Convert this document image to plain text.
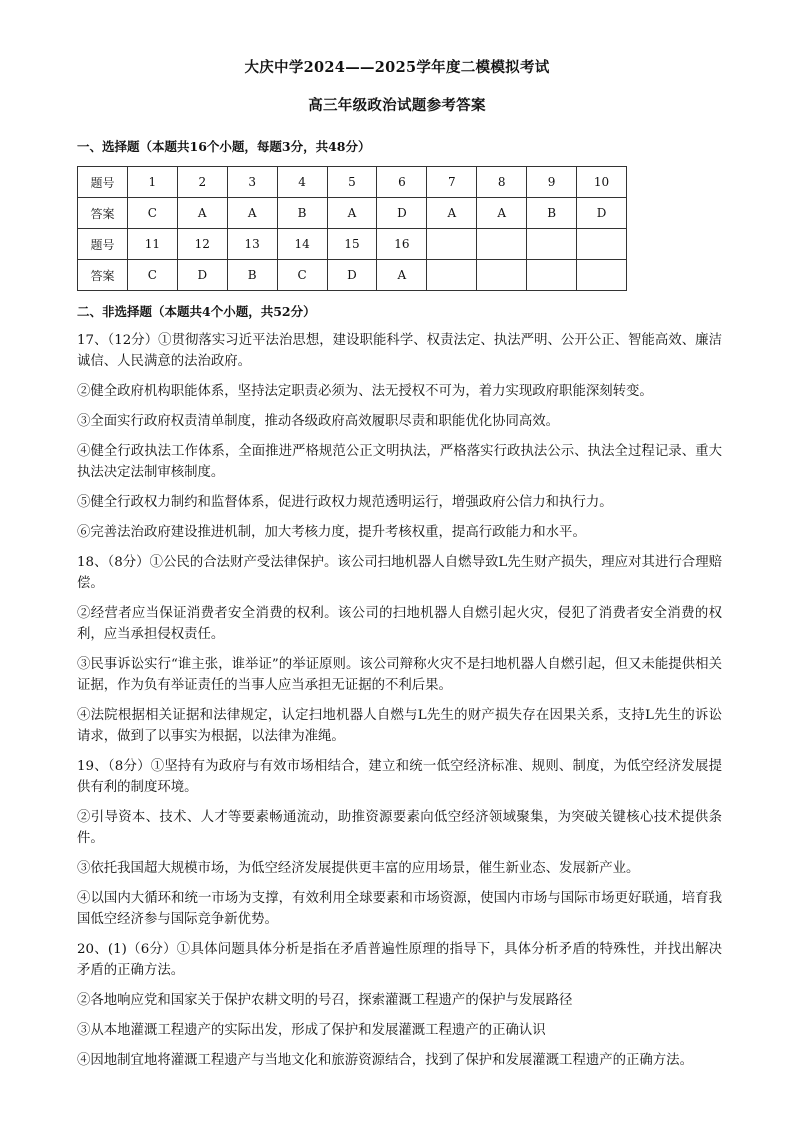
大庆中学2024——2025学年度二模模拟考试
高三年级政治试题参考答案
一、选择题（本题共16个小题，每题3分，共48分）
题号	1	2	3	4	5	6	7	8	9	10
答案	C	A	A	B	A	D	A	A	B	D
题号	11	12	13	14	15	16				
答案	C	D	B	C	D	A				
二、非选择题（本题共4个小题，共52分）

17、（12分）①贯彻落实习近平法治思想，建设职能科学、权责法定、执法严明、公开公正、智能高效、廉洁诚信、人民满意的法治政府。

②健全政府机构职能体系，坚持法定职责必须为、法无授权不可为，着力实现政府职能深刻转变。

③全面实行政府权责清单制度，推动各级政府高效履职尽责和职能优化协同高效。

④健全行政执法工作体系，全面推进严格规范公正文明执法，严格落实行政执法公示、执法全过程记录、重大执法决定法制审核制度。

⑤健全行政权力制约和监督体系，促进行政权力规范透明运行，增强政府公信力和执行力。

⑥完善法治政府建设推进机制，加大考核力度，提升考核权重，提高行政能力和水平。

18、（8分）①公民的合法财产受法律保护。该公司扫地机器人自燃导致L先生财产损失，理应对其进行合理赔偿。

②经营者应当保证消费者安全消费的权利。该公司的扫地机器人自燃引起火灾，侵犯了消费者安全消费的权利，应当承担侵权责任。

③民事诉讼实行“谁主张，谁举证”的举证原则。该公司辩称火灾不是扫地机器人自燃引起，但又未能提供相关证据，作为负有举证责任的当事人应当承担无证据的不利后果。

④法院根据相关证据和法律规定，认定扫地机器人自燃与L先生的财产损失存在因果关系，支持L先生的诉讼请求，做到了以事实为根据，以法律为准绳。

19、（8分）①坚持有为政府与有效市场相结合，建立和统一低空经济标准、规则、制度，为低空经济发展提供有利的制度环境。

②引导资本、技术、人才等要素畅通流动，助推资源要素向低空经济领域聚集，为突破关键核心技术提供条件。

③依托我国超大规模市场，为低空经济发展提供更丰富的应用场景，催生新业态、发展新产业。

④以国内大循环和统一市场为支撑，有效利用全球要素和市场资源，使国内市场与国际市场更好联通，培育我国低空经济参与国际竞争新优势。

20、(1)（6分）①具体问题具体分析是指在矛盾普遍性原理的指导下，具体分析矛盾的特殊性，并找出解决矛盾的正确方法。

②各地响应党和国家关于保护农耕文明的号召，探索灌溉工程遗产的保护与发展路径

③从本地灌溉工程遗产的实际出发，形成了保护和发展灌溉工程遗产的正确认识

④因地制宜地将灌溉工程遗产与当地文化和旅游资源结合，找到了保护和发展灌溉工程遗产的正确方法。
